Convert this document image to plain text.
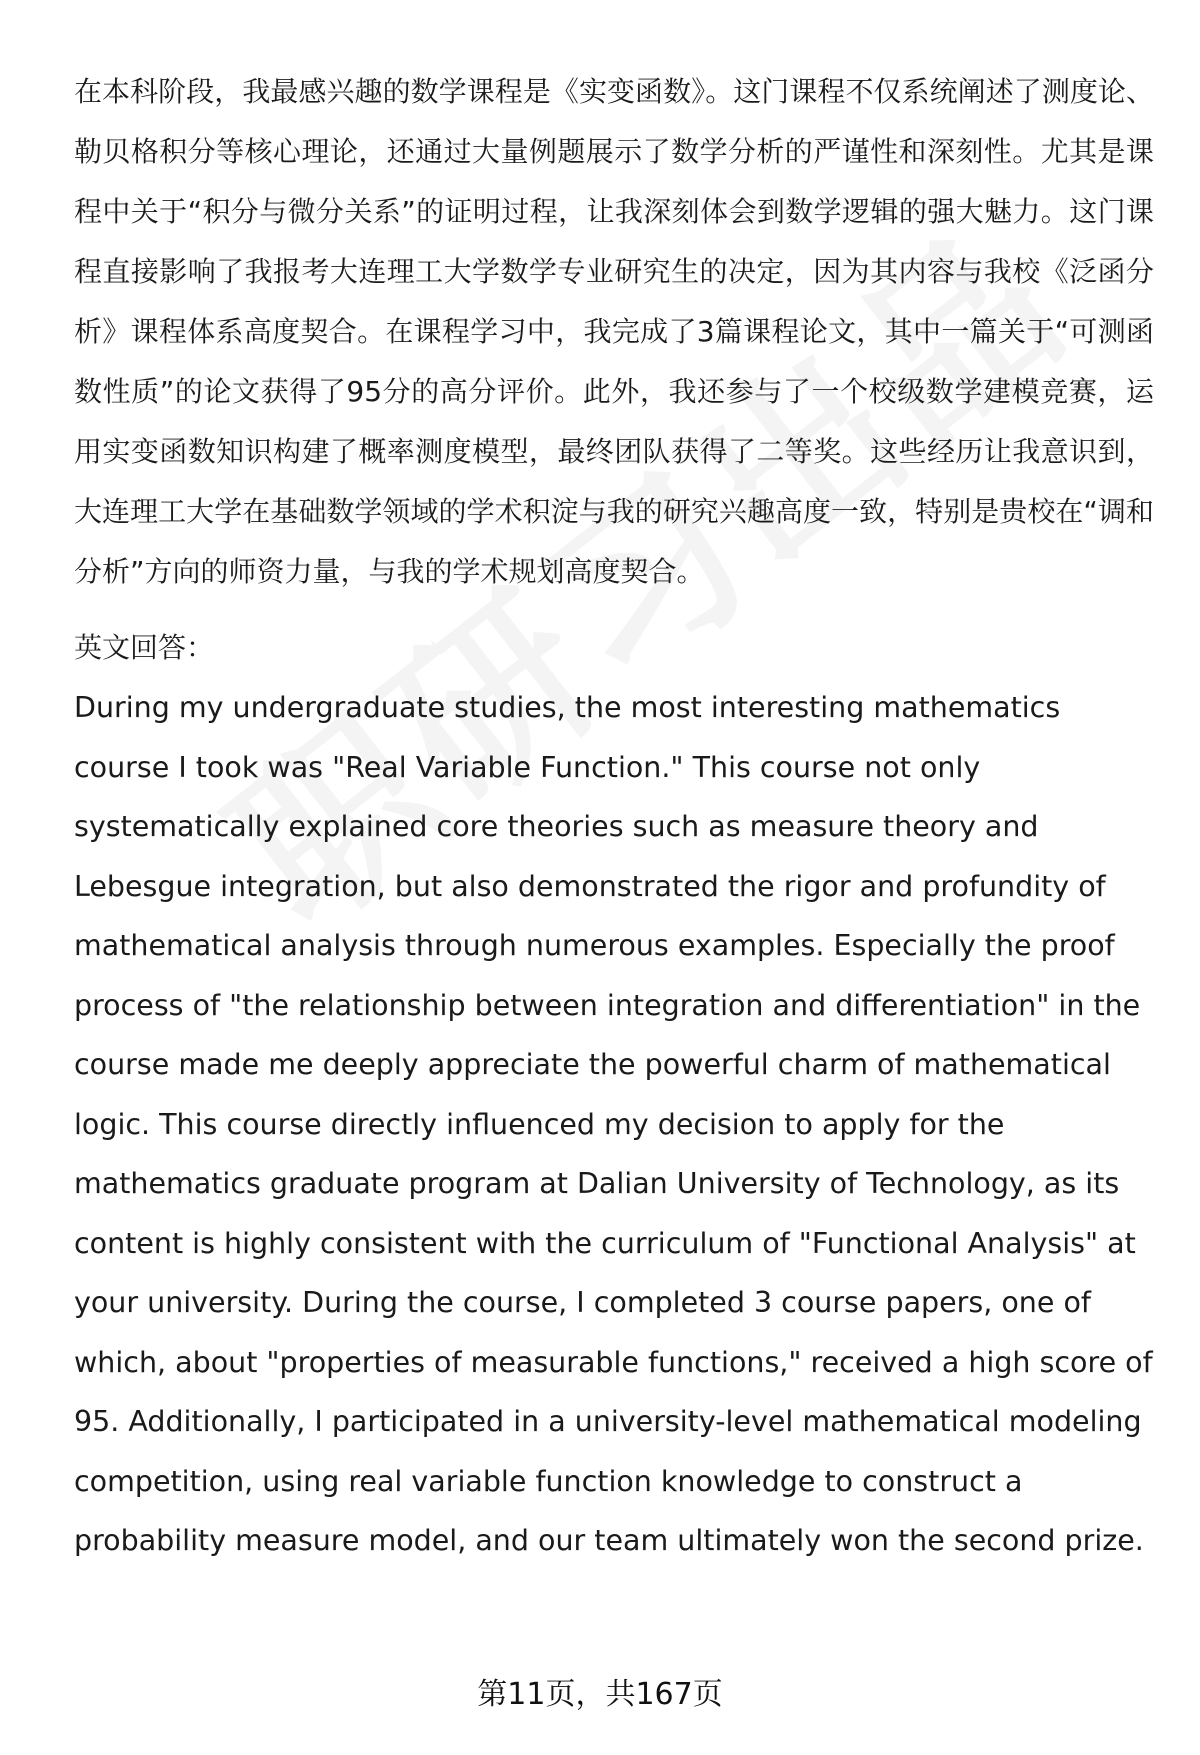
在本科阶段，我最感兴趣的数学课程是《实变函数》。这门课程不仅系统阐述了测度论、勒贝格积分等核心理论，还通过大量例题展示了数学分析的严谨性和深刻性。尤其是课程中关于“积分与微分关系”的证明过程，让我深刻体会到数学逻辑的强大魅力。这门课程直接影响了我报考大连理工大学数学专业研究生的决定，因为其内容与我校《泛函分析》课程体系高度契合。在课程学习中，我完成了3篇课程论文，其中一篇关于“可测函数性质”的论文获得了95分的高分评价。此外，我还参与了一个校级数学建模竞赛，运用实变函数知识构建了概率测度模型，最终团队获得了二等奖。这些经历让我意识到，大连理工大学在基础数学领域的学术积淀与我的研究兴趣高度一致，特别是贵校在“调和分析”方向的师资力量，与我的学术规划高度契合。

英文回答：

During my undergraduate studies, the most interesting mathematics course I took was "Real Variable Function." This course not only systematically explained core theories such as measure theory and Lebesgue integration, but also demonstrated the rigor and profundity of mathematical analysis through numerous examples. Especially the proof process of "the relationship between integration and differentiation" in the course made me deeply appreciate the powerful charm of mathematical logic. This course directly influenced my decision to apply for the mathematics graduate program at Dalian University of Technology, as its content is highly consistent with the curriculum of "Functional Analysis" at your university. During the course, I completed 3 course papers, one of which, about "properties of measurable functions," received a high score of 95. Additionally, I participated in a university-level mathematical modeling competition, using real variable function knowledge to construct a probability measure model, and our team ultimately won the second prize.

第11页，共167页
